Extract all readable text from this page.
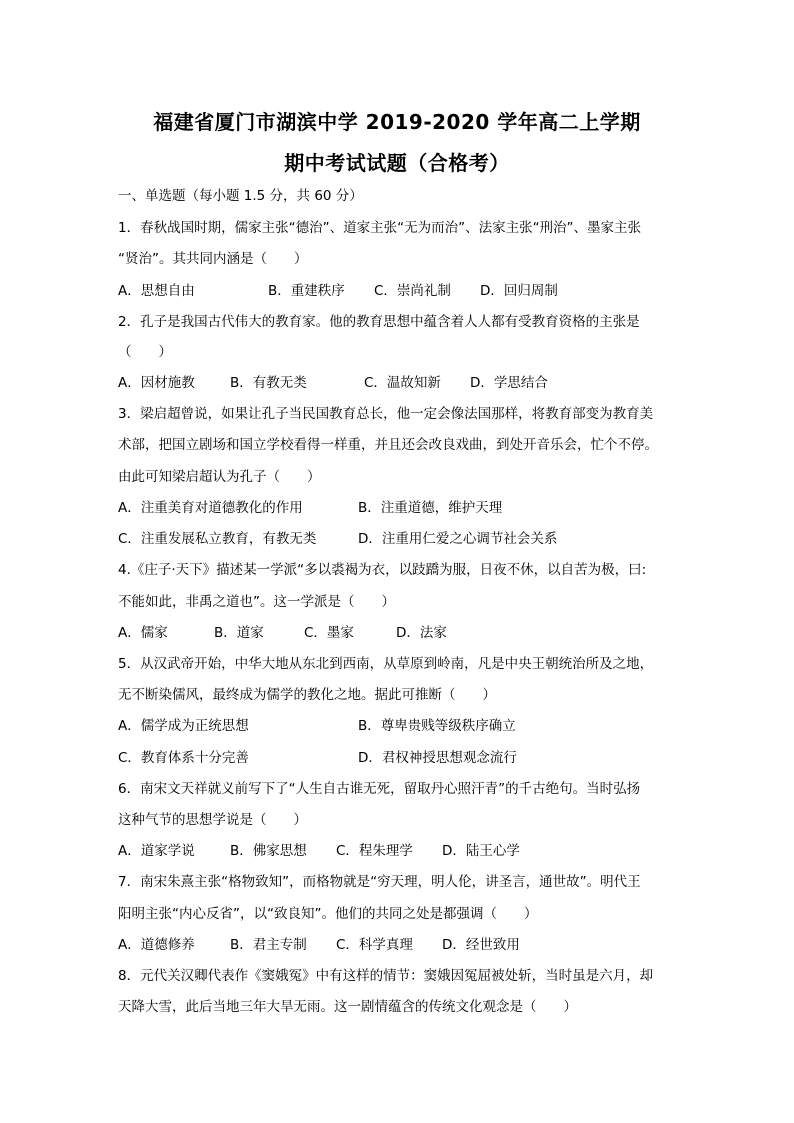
福建省厦门市湖滨中学 2019-2020 学年高二上学期
期中考试试题（合格考）
一、单选题（每小题 1.5 分，共 60 分）
1．春秋战国时期，儒家主张“德治”、道家主张“无为而治”、法家主张“刑治”、墨家主张
“贤治”。其共同内涵是（　　）
A．思想自由	B．重建秩序 C．崇尚礼制 D．回归周制
2．孔子是我国古代伟大的教育家。他的教育思想中蕴含着人人都有受教育资格的主张是
（　　）
A．因材施教	B．有教无类	C．温故知新 D．学思结合
3．梁启超曾说，如果让孔子当民国教育总长，他一定会像法国那样，将教育部变为教育美
术部，把国立剧场和国立学校看得一样重，并且还会改良戏曲，到处开音乐会，忙个不停。
由此可知梁启超认为孔子（　　）
A．注重美育对道德教化的作用	B．注重道德，维护天理
C．注重发展私立教育，有教无类	D．注重用仁爱之心调节社会关系
4.《庄子·天下》描述某一学派“多以裘褐为衣，以跂蹻为服，日夜不休，以自苦为极，曰:
不能如此，非禹之道也”。这一学派是（　　）
A．儒家	B．道家	C．墨家	D．法家
5．从汉武帝开始，中华大地从东北到西南，从草原到岭南，凡是中央王朝统治所及之地，
无不断染儒风，最终成为儒学的教化之地。据此可推断（　　）
A．儒学成为正统思想	B．尊卑贵贱等级秩序确立
C．教育体系十分完善	D．君权神授思想观念流行
6．南宋文天祥就义前写下了“人生自古谁无死，留取丹心照汗青”的千古绝句。当时弘扬
这种气节的思想学说是（　　）
A．道家学说	B．佛家思想 C．程朱理学 D．陆王心学
7．南宋朱熹主张“格物致知”，而格物就是“穷天理，明人伦，讲圣言，通世故”。明代王
阳明主张“内心反省”，以“致良知”。他们的共同之处是都强调（　　）
A．道德修养	B．君主专制 C．科学真理 D．经世致用
8．元代关汉卿代表作《窦娥冤》中有这样的情节：窦娥因冤屈被处斩，当时虽是六月，却
天降大雪，此后当地三年大旱无雨。这一剧情蕴含的传统文化观念是（　　）
